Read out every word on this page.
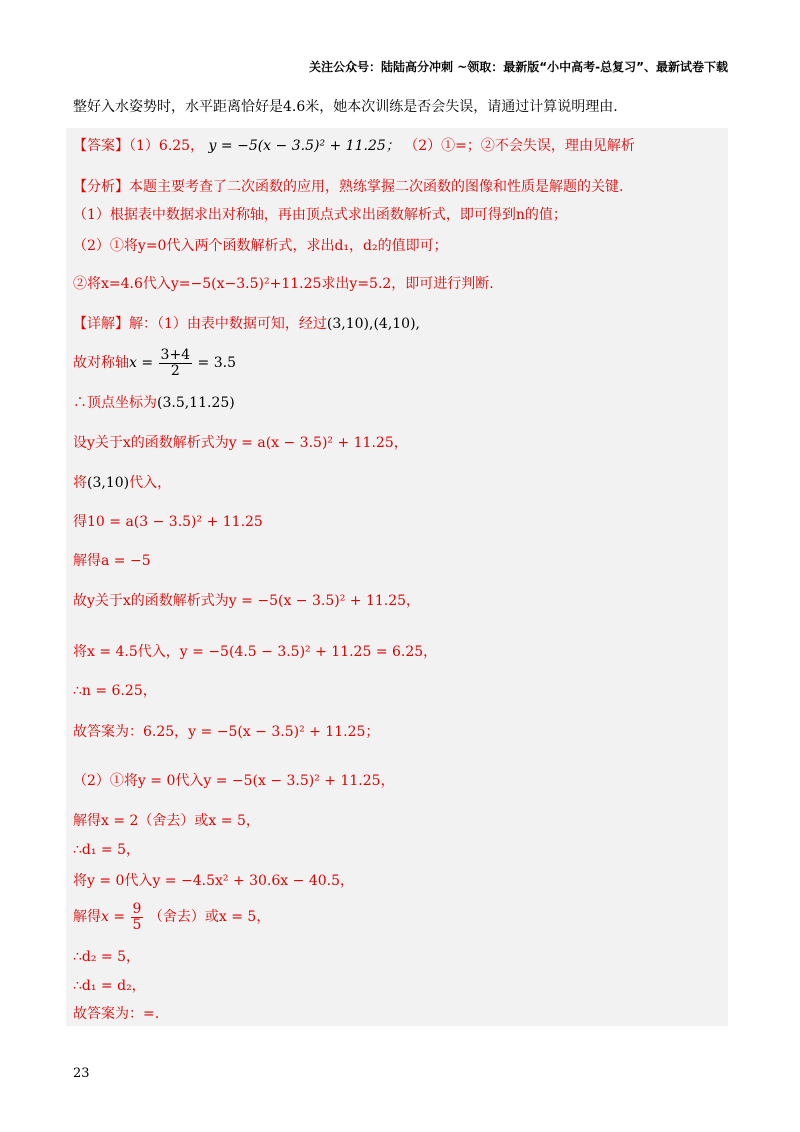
关注公众号：陆陆高分冲刺 ~领取：最新版“小中高考-总复习”、最新试卷下载
整好入水姿势时，水平距离恰好是4.6米，她本次训练是否会失误，请通过计算说明理由.
【答案】（1）6.25， y = −5(x − 3.5)² + 11.25； （2）①=；②不会失误，理由见解析
【分析】本题主要考查了二次函数的应用，熟练掌握二次函数的图像和性质是解题的关键.
（1）根据表中数据求出对称轴，再由顶点式求出函数解析式，即可得到n的值；
（2）①将y=0代入两个函数解析式，求出d₁，d₂的值即可；
②将x=4.6代入y=−5(x−3.5)²+11.25求出y=5.2，即可进行判断.
【详解】解：（1）由表中数据可知，经过(3,10),(4,10),
故对称轴$x = \frac{3+4}{2} = 3.5$
∴顶点坐标为(3.5,11.25)
设y关于x的函数解析式为y = a(x − 3.5)² + 11.25，
将(3,10)代入，
得10 = a(3 − 3.5)² + 11.25
解得a = −5
故y关于x的函数解析式为y = −5(x − 3.5)² + 11.25，
将x = 4.5代入，y = −5(4.5 − 3.5)² + 11.25 = 6.25，
∴n = 6.25，
故答案为：6.25，y = −5(x − 3.5)² + 11.25；
（2）①将y = 0代入y = −5(x − 3.5)² + 11.25，
解得x = 2（舍去）或x = 5，
∴d₁ = 5，
将y = 0代入y = −4.5x² + 30.6x − 40.5，
解得$x = \frac{9}{5}$ （舍去）或x = 5，
∴d₂ = 5，
∴d₁ = d₂，
故答案为：=.
23
